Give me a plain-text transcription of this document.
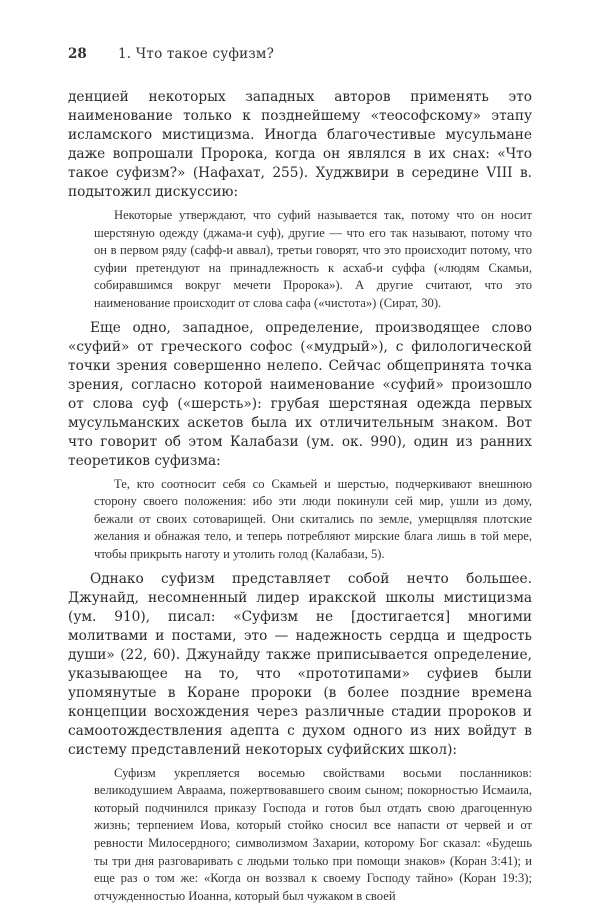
28 1. Что такое суфизм?

денцией некоторых западных авторов применять это наименование только к позднейшему «теософскому» этапу исламского мистицизма. Иногда благочестивые мусульмане даже вопрошали Пророка, когда он являлся в их снах: «Что такое суфизм?» (Нафахат, 255). Худжвири в середине VIII в. подытожил дискуссию:

Некоторые утверждают, что суфий называется так, потому что он носит шерстяную одежду (джама-и суф), другие — что его так называют, потому что он в первом ряду (сафф-и аввал), третьи говорят, что это происходит потому, что суфии претендуют на принадлежность к асхаб-и суффа («людям Скамьи, собиравшимся вокруг мечети Пророка»). А другие считают, что это наименование происходит от слова сафа («чистота») (Сират, 30).

Еще одно, западное, определение, производящее слово «суфий» от греческого софос («мудрый»), с филологической точки зрения совершенно нелепо. Сейчас общепринята точка зрения, согласно которой наименование «суфий» произошло от слова суф («шерсть»): грубая шерстяная одежда первых мусульманских аскетов была их отличительным знаком. Вот что говорит об этом Калабази (ум. ок. 990), один из ранних теоретиков суфизма:

Те, кто соотносит себя со Скамьей и шерстью, подчеркивают внешнюю сторону своего положения: ибо эти люди покинули сей мир, ушли из дому, бежали от своих сотоварищей. Они скитались по земле, умерщвляя плотские желания и обнажая тело, и теперь потребляют мирские блага лишь в той мере, чтобы прикрыть наготу и утолить голод (Калабази, 5).

Однако суфизм представляет собой нечто большее. Джунайд, несомненный лидер иракской школы мистицизма (ум. 910), писал: «Суфизм не [достигается] многими молитвами и постами, это — надежность сердца и щедрость души» (22, 60). Джунайду также приписывается определение, указывающее на то, что «прототипами» суфиев были упомянутые в Коране пророки (в более поздние времена концепции восхождения через различные стадии пророков и самоотождествления адепта с духом одного из них войдут в систему представлений некоторых суфийских школ):

Суфизм укрепляется восемью свойствами восьми посланников: великодушием Авраама, пожертвовавшего своим сыном; покорностью Исмаила, который подчинился приказу Господа и готов был отдать свою драгоценную жизнь; терпением Иова, который стойко сносил все напасти от червей и от ревности Милосердного; символизмом Захарии, которому Бог сказал: «Будешь ты три дня разговаривать с людьми только при помощи знаков» (Коран 3:41); и еще раз о том же: «Когда он воззвал к своему Господу тайно» (Коран 19:3); отчужденностью Иоанна, который был чужаком в своей
